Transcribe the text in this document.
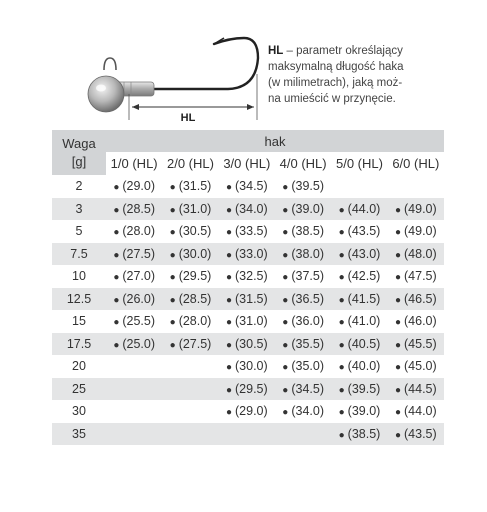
HL
HL – parametr określający
maksymalną długość haka
(w milimetrach), jaką moż-
na umieścić w przynęcie.
Waga
[g]	hak					
	1/0 (HL)	2/0 (HL)	3/0 (HL)	4/0 (HL)	5/0 (HL)	6/0 (HL)
2	● (29.0)	● (31.5)	● (34.5)	● (39.5)		
3	● (28.5)	● (31.0)	● (34.0)	● (39.0)	● (44.0)	● (49.0)
5	● (28.0)	● (30.5)	● (33.5)	● (38.5)	● (43.5)	● (49.0)
7.5	● (27.5)	● (30.0)	● (33.0)	● (38.0)	● (43.0)	● (48.0)
10	● (27.0)	● (29.5)	● (32.5)	● (37.5)	● (42.5)	● (47.5)
12.5	● (26.0)	● (28.5)	● (31.5)	● (36.5)	● (41.5)	● (46.5)
15	● (25.5)	● (28.0)	● (31.0)	● (36.0)	● (41.0)	● (46.0)
17.5	● (25.0)	● (27.5)	● (30.5)	● (35.5)	● (40.5)	● (45.5)
20			● (30.0)	● (35.0)	● (40.0)	● (45.0)
25			● (29.5)	● (34.5)	● (39.5)	● (44.5)
30			● (29.0)	● (34.0)	● (39.0)	● (44.0)
35					● (38.5)	● (43.5)
